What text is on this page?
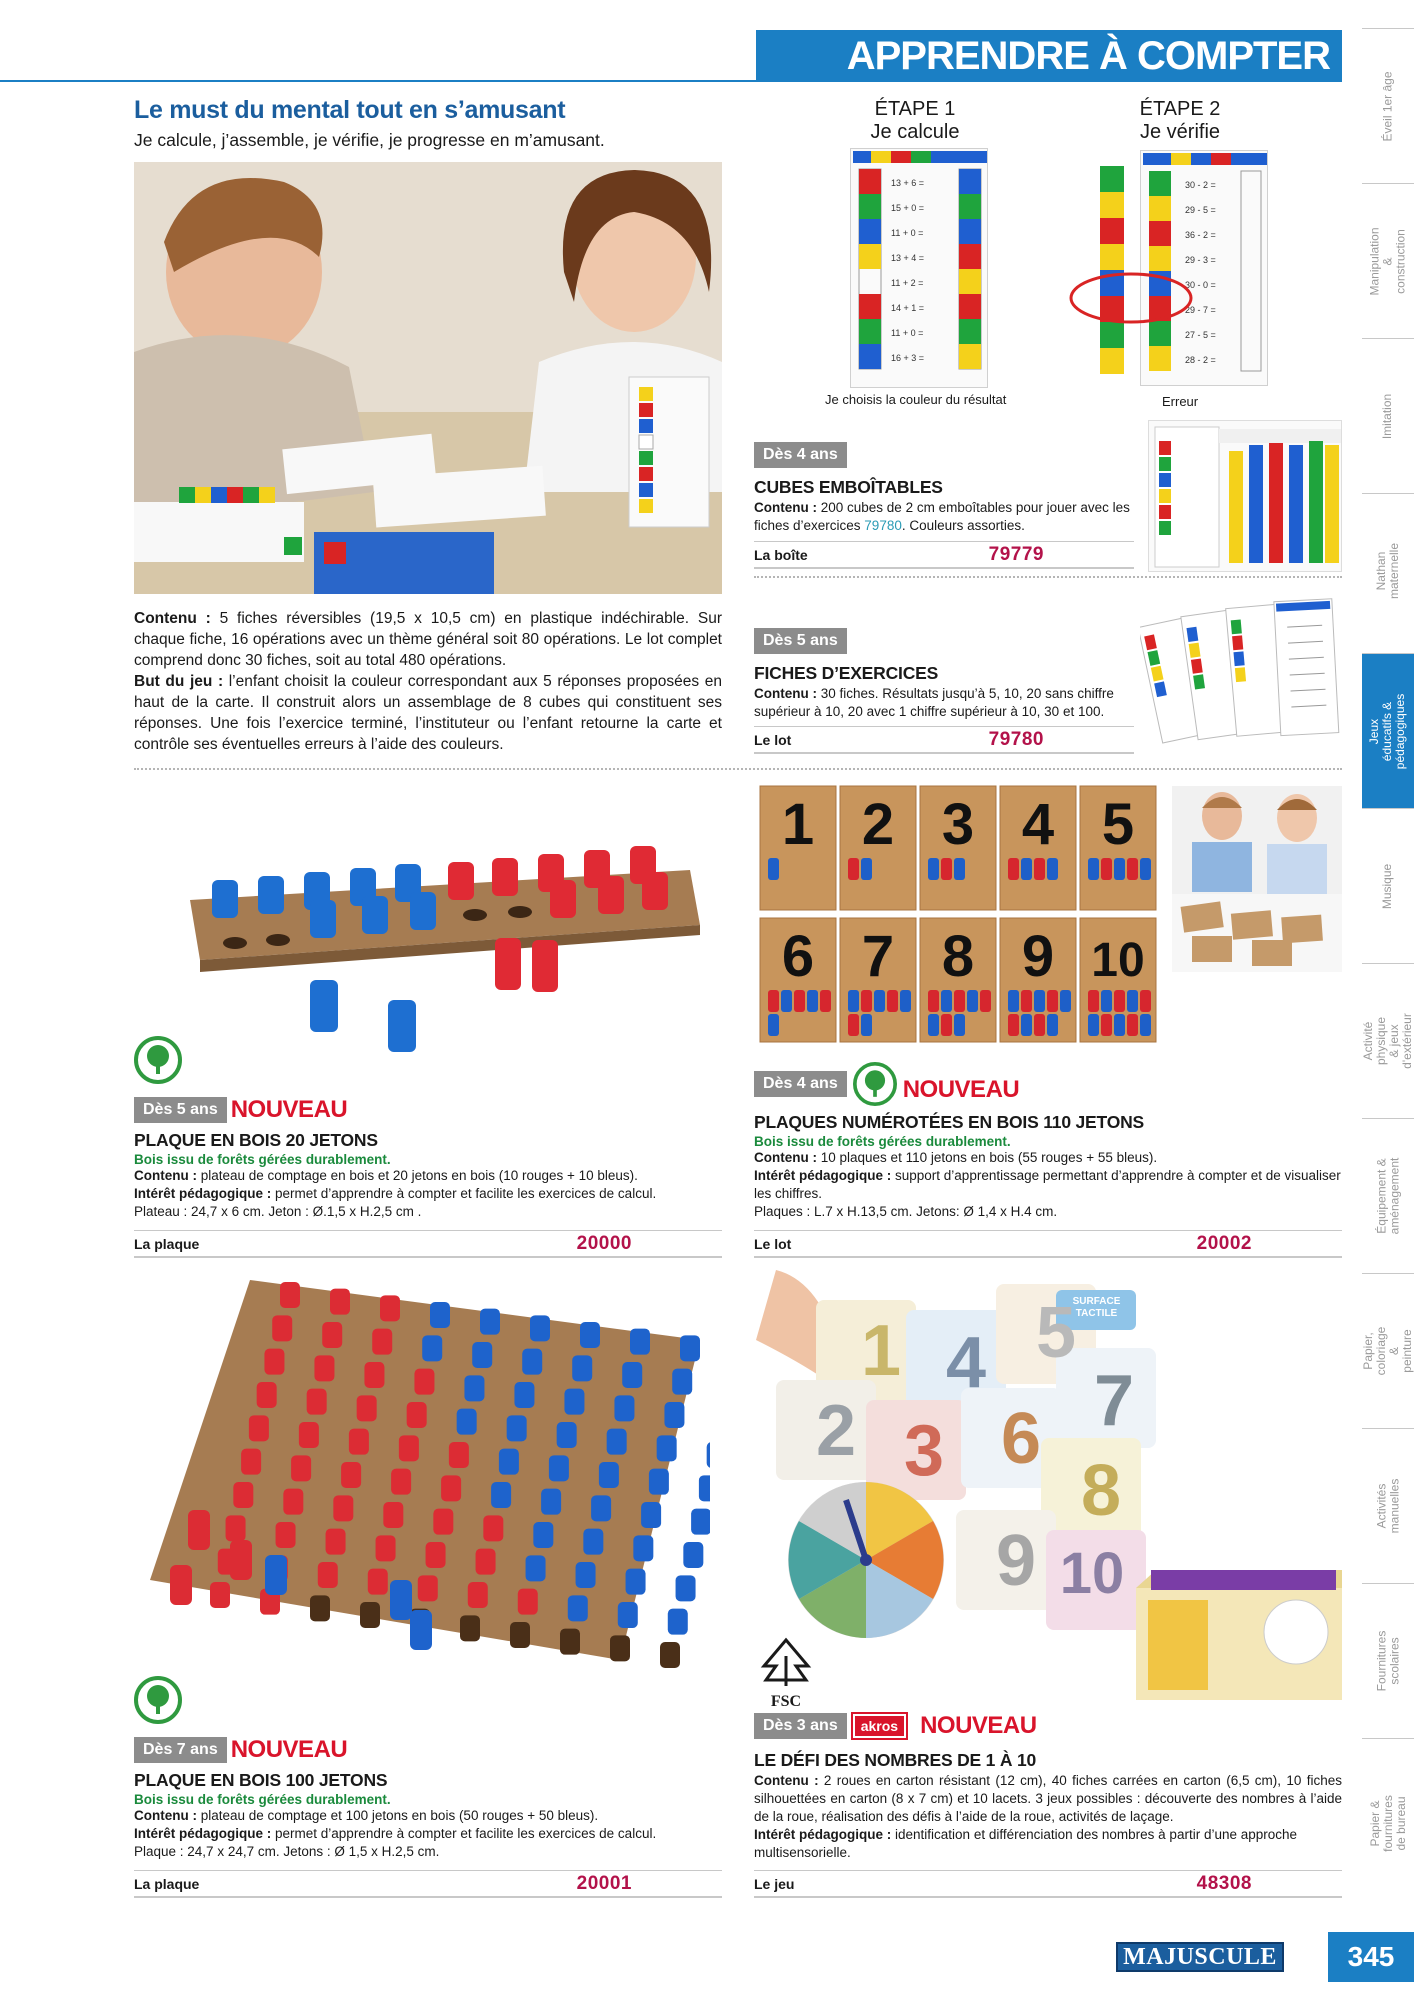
APPRENDRE À COMPTER
Éveil 1er âge
Manipulation & construction
Imitation
Nathan maternelle
Jeux éducatifs & pédagogiques
Musique
Activité physique & jeux d'extérieur
Équipement & aménagement
Papier, coloriage & peinture
Activités manuelles
Fournitures scolaires
Papier & fournitures de bureau
Le must du mental tout en s’amusant
Je calcule, j’assemble, je vérifie, je progresse en m’amusant.
Contenu : 5 fiches réversibles (19,5 x 10,5 cm) en plastique indéchirable. Sur chaque fiche, 16 opérations avec un thème général soit 80 opérations. Le lot complet comprend donc 30 fiches, soit au total 480 opérations.
But du jeu : l’enfant choisit la couleur correspondant aux 5 réponses proposées en haut de la carte. Il construit alors un assemblage de 8 cubes qui constituent ses réponses. Une fois l’exercice terminé, l’instituteur ou l’enfant retourne la carte et contrôle ses éventuelles erreurs à l’aide des couleurs.
ÉTAPE 1
Je calcule
ÉTAPE 2
Je vérifie
13 + 6 =
15 + 0 =
11 + 0 =
13 + 4 =
11 + 2 =
14 + 1 =
11 + 0 =
16 + 3 =
30 - 2 =
29 - 5 =
36 - 2 =
29 - 3 =
30 - 0 =
29 - 7 =
27 - 5 =
28 - 2 =
Je choisis la couleur du résultat	Erreur
Dès 4 ans
CUBES EMBOÎTABLES
Contenu : 200 cubes de 2 cm emboîtables pour jouer avec les fiches d’exercices 79780. Couleurs assorties.
La boîte	79779
Dès 5 ans
FICHES D’EXERCICES
Contenu : 30 fiches. Résultats jusqu’à 5, 10, 20 sans chiffre supérieur à 10, 20 avec 1 chiffre supérieur à 10, 30 et 100.
Le lot	79780
Dès 5 ans NOUVEAU
PLAQUE EN BOIS 20 JETONS
Bois issu de forêts gérées durablement.
Contenu : plateau de comptage en bois et 20 jetons en bois (10 rouges + 10 bleus).
Intérêt pédagogique : permet d’apprendre à compter et facilite les exercices de calcul.
Plateau : 24,7 x 6 cm. Jeton : Ø.1,5 x H.2,5 cm .
La plaque	20000
1 2 3 4 5
6 7 8 9 10
Dès 4 ans	NOUVEAU
PLAQUES NUMÉROTÉES EN BOIS 110 JETONS
Bois issu de forêts gérées durablement.
Contenu : 10 plaques et 110 jetons en bois (55 rouges + 55 bleus).
Intérêt pédagogique : support d’apprentissage permettant d’apprendre à compter et de visualiser les chiffres.
Plaques : L.7 x H.13,5 cm. Jetons: Ø 1,4 x H.4 cm.
Le lot	20002
Dès 7 ans NOUVEAU
PLAQUE EN BOIS 100 JETONS
Bois issu de forêts gérées durablement.
Contenu : plateau de comptage et 100 jetons en bois (50 rouges + 50 bleus).
Intérêt pédagogique : permet d’apprendre à compter et facilite les exercices de calcul.
Plaque : 24,7 x 24,7 cm. Jetons : Ø 1,5 x H.2,5 cm.
La plaque	20001
1 4 5
2 3 6 7
8
9 10
SURFACE TACTILE
FSC
Dès 3 ans	akros NOUVEAU
LE DÉFI DES NOMBRES DE 1 À 10
Contenu : 2 roues en carton résistant (12 cm), 40 fiches carrées en carton (6,5 cm), 10 fiches silhouettées en carton (8 x 7 cm) et 10 lacets. 3 jeux possibles : découverte des nombres à l’aide de la roue, réalisation des défis à l’aide de la roue, activités de laçage.
Intérêt pédagogique : identification et différenciation des nombres à partir d’une approche multisensorielle.
Le jeu	48308
MAJUSCULE	345
